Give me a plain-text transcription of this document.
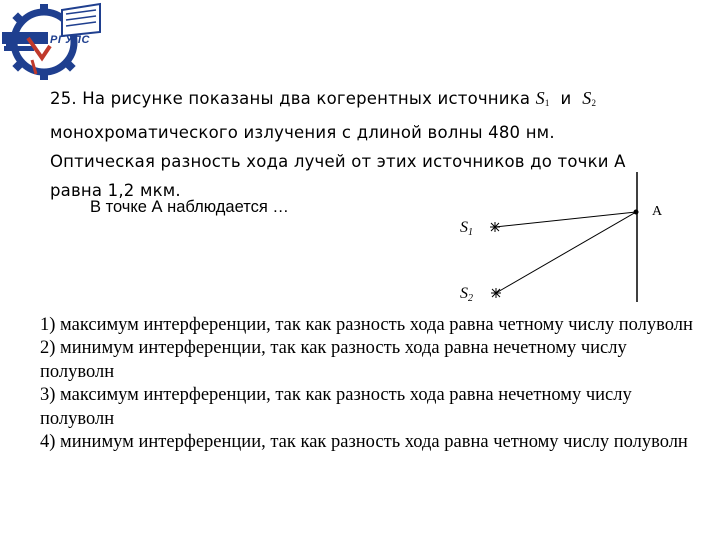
РГУПС
25. На рисунке показаны два когерентных источника $S_1$ и $S_2$
монохроматического излучения с длиной волны 480 нм.
Оптическая разность хода лучей от этих источников до точки А
равна 1,2 мкм.
В точке А наблюдается …	A
S1
S2
1) максимум интерференции, так как разность хода равна четному числу полуволн
2) минимум интерференции, так как разность хода равна нечетному числу полуволн
3) максимум интерференции, так как разность хода равна нечетному числу полуволн
4) минимум интерференции, так как разность хода равна четному числу полуволн
